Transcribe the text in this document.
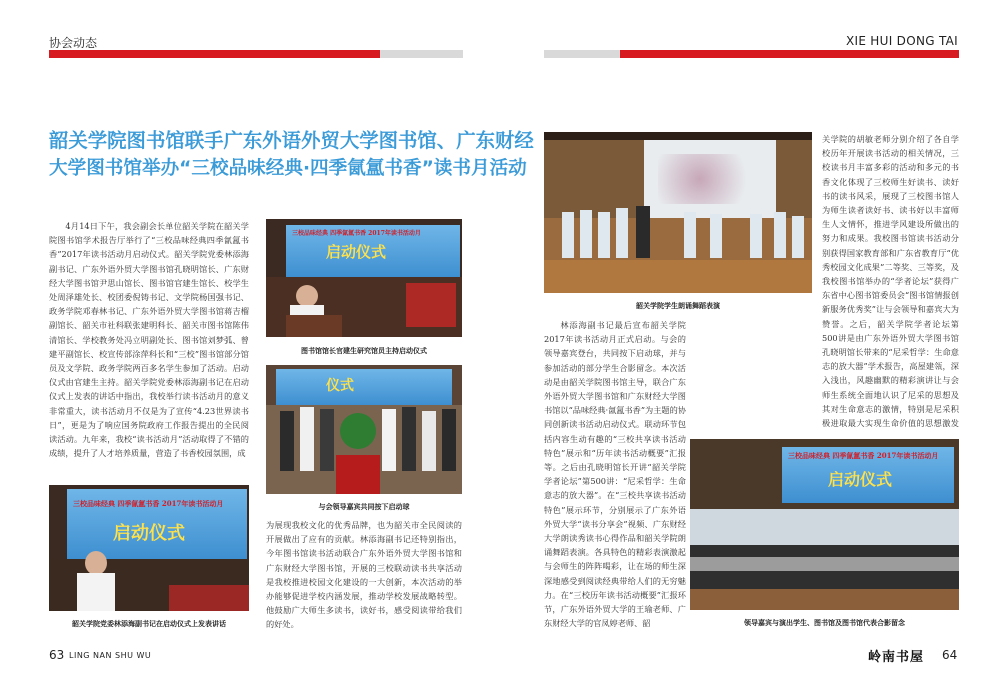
协会动态	XIE HUI DONG TAI
韶关学院图书馆联手广东外语外贸大学图书馆、广东财经
大学图书馆举办“三校品味经典·四季氤氲书香”读书月活动

4月14日下午，我会副会长单位韶关学院在韶关学院图书馆学术报告厅举行了“三校品味经典四季氤氲书香”2017年读书活动月启动仪式。韶关学院党委林添海副书记、广东外语外贸大学图书馆孔晓明馆长、广东财经大学图书馆尹思山馆长、图书馆官建生馆长、校学生处周泽雄处长、校团委倪铸书记、文学院杨国强书记、政务学院邓春林书记、广东外语外贸大学图书馆蒋吉榴副馆长、韶关市社科联张建明科长、韶关市图书馆陈伟清馆长、学校教务处冯立明副处长、图书馆刘梦弧、曾建平副馆长、校宣传部涂萍科长和“三校”图书馆部分馆员及文学院、政务学院两百多名学生参加了活动。启动仪式由官建生主持。韶关学院党委林添海副书记在启动仪式上发表的讲话中指出，我校举行读书活动月的意义非常重大，读书活动月不仅是为了宣传“4.23世界读书日”，更是为了响应国务院政府工作报告提出的全民阅读活动。九年来，我校“读书活动月”活动取得了不错的成绩，提升了人才培养质量，营造了书香校园氛围，成

为展现我校文化的优秀品牌，也为韶关市全民阅读的开展做出了应有的贡献。林添海副书记还特别指出，今年图书馆读书活动联合广东外语外贸大学图书馆和广东财经大学图书馆，开展的三校联动读书共享活动是我校推进校园文化建设的一大创新，本次活动的举办能够促进学校内涵发展，推动学校发展战略转型。他鼓励广大师生多读书，读好书，感受阅读带给我们的好处。

林添海副书记最后宣布韶关学院2017年读书活动月正式启动。与会的领导嘉宾登台，共同按下启动球，并与参加活动的部分学生合影留念。本次活动是由韶关学院图书馆主导，联合广东外语外贸大学图书馆和广东财经大学图书馆以“品味经典·氤氲书香”为主题的协同创新读书活动启动仪式。联动环节包括内容生动有趣的“三校共享读书活动特色”展示和“历年读书活动概要”汇报等。之后由孔晓明馆长开讲“韶关学院学者论坛”第500讲：“尼采哲学：生命意志的放大器”。在“三校共享读书活动特色”展示环节，分别展示了广东外语外贸大学“读书分享会”视频、广东财经大学朗读秀读书心得作品和韶关学院朗诵舞蹈表演。各具特色的精彩表演激起与会师生的阵阵喝彩，让在场的师生深深地感受到阅读经典带给人们的无穷魅力。在“三校历年读书活动概要”汇报环节，广东外语外贸大学的王瑜老师、广东财经大学的官凤婷老师、韶

关学院的胡敏老师分别介绍了各自学校历年开展读书活动的相关情况，三校读书月丰富多彩的活动和多元的书香文化体现了三校师生好读书、读好书的读书风采，展现了三校图书馆人为师生读者读好书、读书好以丰富师生人文情怀，推进学风建设所做出的努力和成果。我校图书馆读书活动分别获得国家教育部和广东省教育厅“优秀校园文化成果”二等奖、三等奖，及我校图书馆举办的“学者论坛”获得广东省中心图书馆委员会“图书馆情报创新服务优秀奖”让与会领导和嘉宾大为赞誉。之后，韶关学院学者论坛第500讲是由广东外语外贸大学图书馆孔晓明馆长带来的“尼采哲学：生命意志的放大器”学术报告，高屋建瓴，深入浅出，风趣幽默的精彩演讲让与会师生系统全面地认识了尼采的思想及其对生命意志的激情，特别是尼采积极进取最大实现生命价值的思想激发

三校品味经典 四季氤氲书香 2017年读书活动月
启动仪式
图书馆馆长官建生研究馆员主持启动仪式
仪式
与会领导嘉宾共同按下启动球
三校品味经典 四季氤氲书香 2017年读书活动月
启动仪式
韶关学院党委林添海副书记在启动仪式上发表讲话
韶关学院学生朗诵舞蹈表演
三校品味经典 四季氤氲书香 2017年读书活动月
启动仪式
领导嘉宾与演出学生、图书馆及图书馆代表合影留念
63 LING NAN SHU WU	岭南书屋 64
